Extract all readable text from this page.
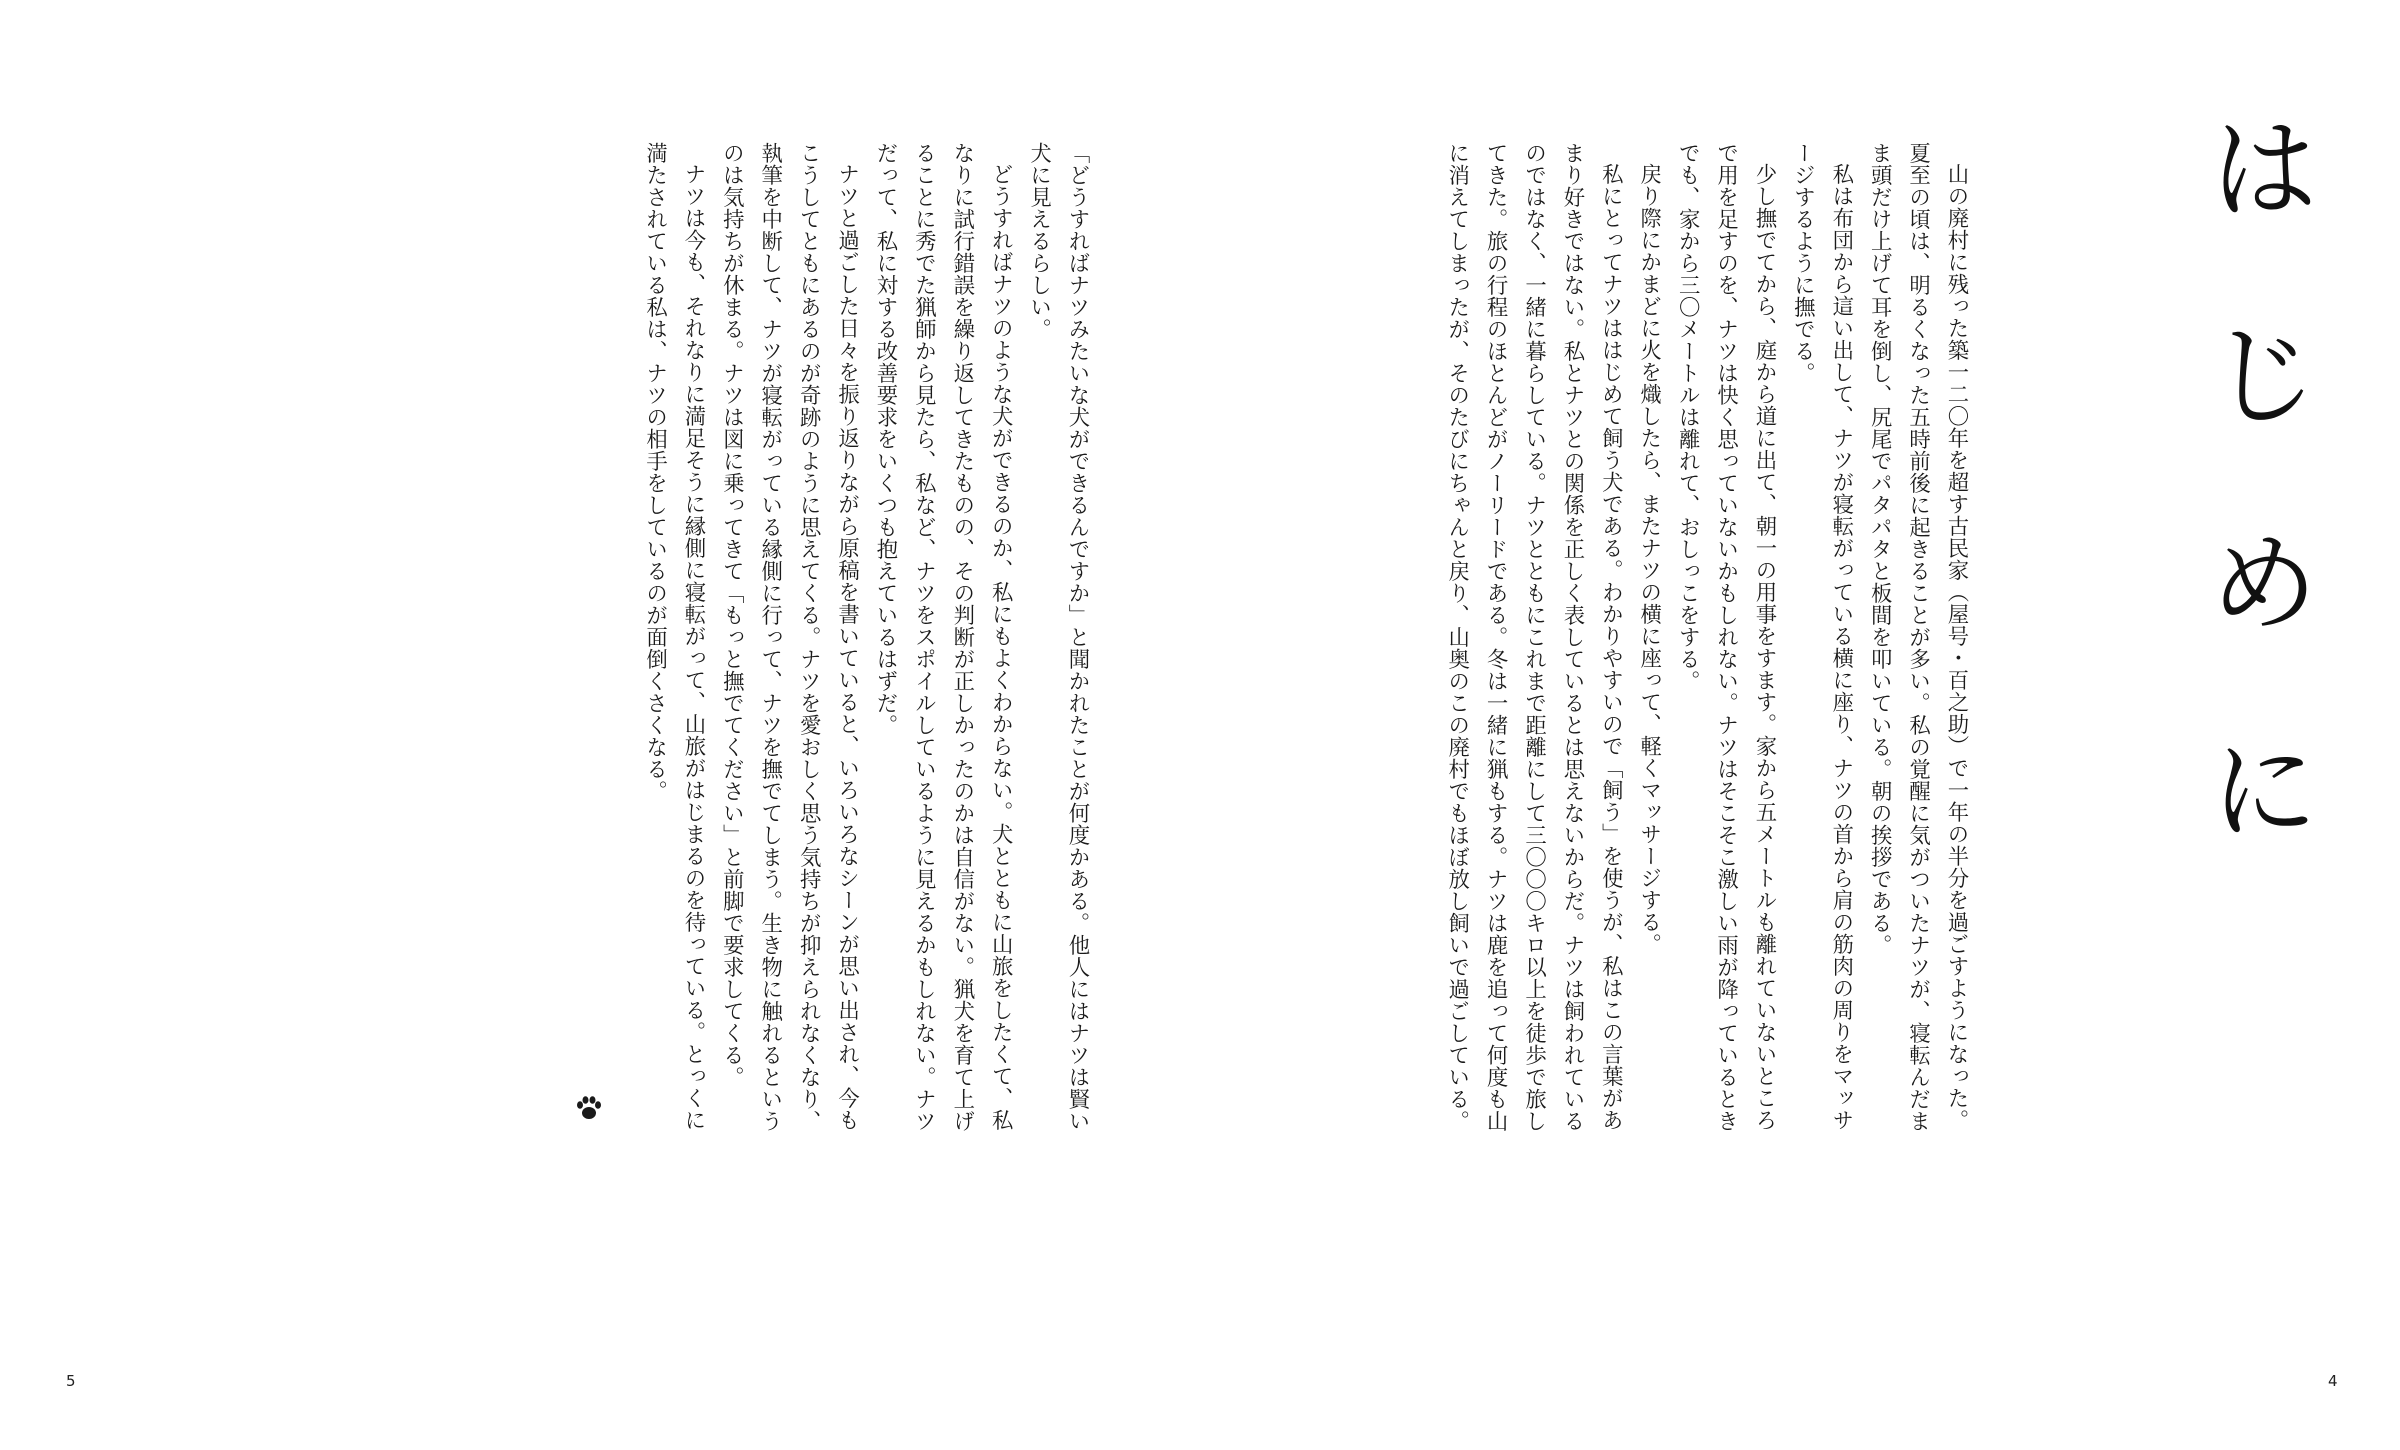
はじめに

山の廃村に残った築一二〇年を超す古民家（屋号・百之助）で一年の半分を過ごすようになった。夏至の頃は、明るくなった五時前後に起きることが多い。私の覚醒に気がついたナツが、寝転んだまま頭だけ上げて耳を倒し、尻尾でパタパタと板間を叩いている。朝の挨拶である。

私は布団から這い出して、ナツが寝転がっている横に座り、ナツの首から肩の筋肉の周りをマッサージするように撫でる。

少し撫でてから、庭から道に出て、朝一の用事をすます。家から五メートルも離れていないところで用を足すのを、ナツは快く思っていないかもしれない。ナツはそこそこ激しい雨が降っているときでも、家から三〇メートルは離れて、おしっこをする。

戻り際にかまどに火を熾したら、またナツの横に座って、軽くマッサージする。

私にとってナツははじめて飼う犬である。わかりやすいので「飼う」を使うが、私はこの言葉があまり好きではない。私とナツとの関係を正しく表しているとは思えないからだ。ナツは飼われているのではなく、一緒に暮らしている。ナツとともにこれまで距離にして三〇〇〇キロ以上を徒歩で旅してきた。旅の行程のほとんどがノーリードである。冬は一緒に猟もする。ナツは鹿を追って何度も山に消えてしまったが、そのたびにちゃんと戻り、山奥のこの廃村でもほぼ放し飼いで過ごしている。

「どうすればナツみたいな犬ができるんですか」と聞かれたことが何度かある。他人にはナツは賢い犬に見えるらしい。

どうすればナツのような犬ができるのか、私にもよくわからない。犬とともに山旅をしたくて、私なりに試行錯誤を繰り返してきたものの、その判断が正しかったのかは自信がない。猟犬を育て上げることに秀でた猟師から見たら、私など、ナツをスポイルしているように見えるかもしれない。ナツだって、私に対する改善要求をいくつも抱えているはずだ。

ナツと過ごした日々を振り返りながら原稿を書いていると、いろいろなシーンが思い出され、今もこうしてともにあるのが奇跡のように思えてくる。ナツを愛おしく思う気持ちが抑えられなくなり、執筆を中断して、ナツが寝転がっている縁側に行って、ナツを撫でてしまう。生き物に触れるというのは気持ちが休まる。ナツは図に乗ってきて「もっと撫でてください」と前脚で要求してくる。

ナツは今も、それなりに満足そうに縁側に寝転がって、山旅がはじまるのを待っている。とっくに満たされている私は、ナツの相手をしているのが面倒くさくなる。

5	4
